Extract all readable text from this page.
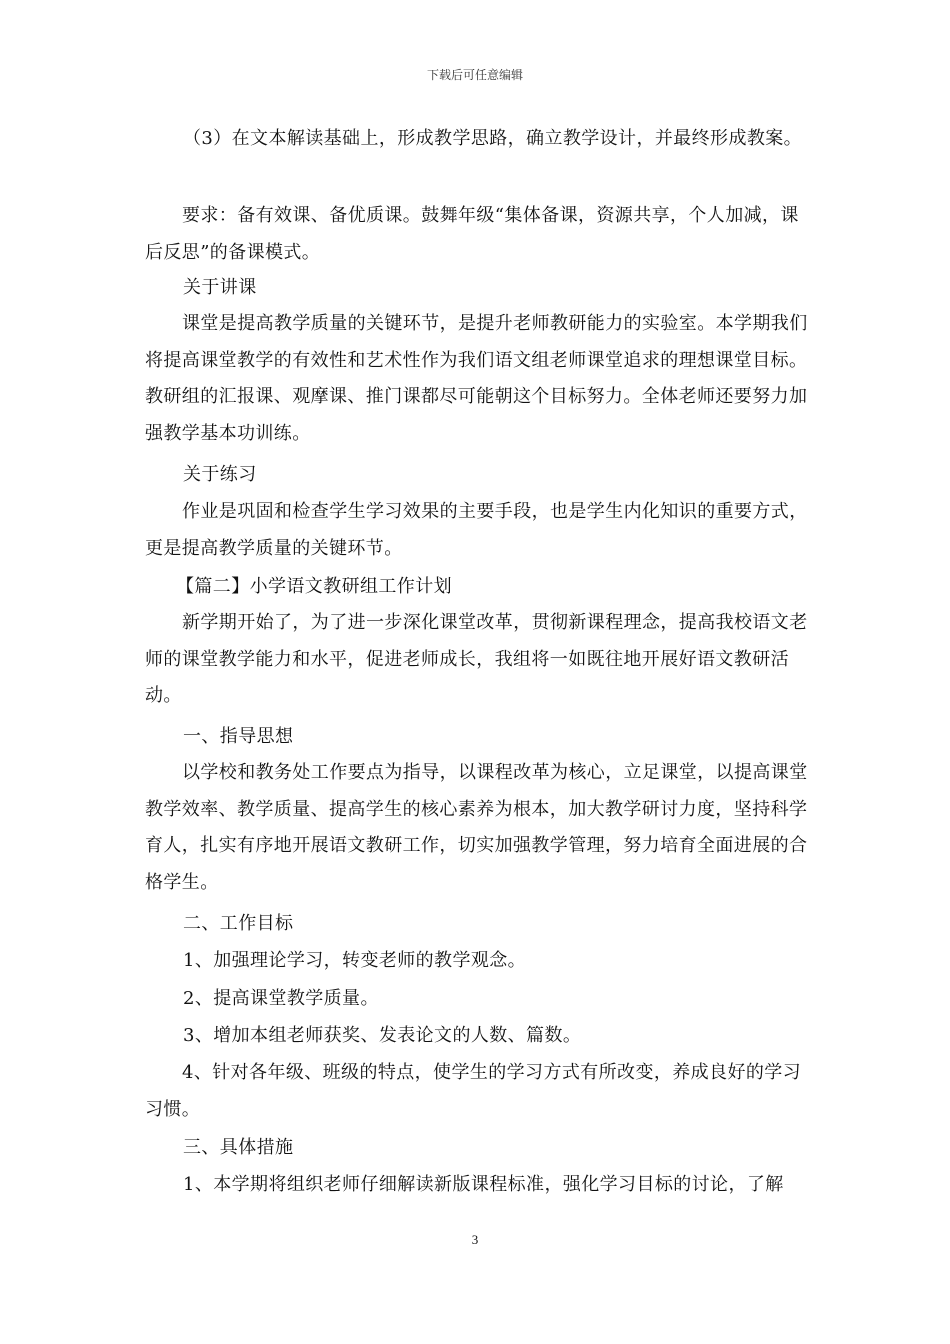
下载后可任意编辑
（3）在文本解读基础上，形成教学思路，确立教学设计，并最终形成教案。

要求：备有效课、备优质课。鼓舞年级“集体备课，资源共享，个人加减，课后反思”的备课模式。

关于讲课

课堂是提高教学质量的关键环节，是提升老师教研能力的实验室。本学期我们将提高课堂教学的有效性和艺术性作为我们语文组老师课堂追求的理想课堂目标。教研组的汇报课、观摩课、推门课都尽可能朝这个目标努力。全体老师还要努力加强教学基本功训练。

关于练习

作业是巩固和检查学生学习效果的主要手段，也是学生内化知识的重要方式，更是提高教学质量的关键环节。

【篇二】小学语文教研组工作计划

新学期开始了，为了进一步深化课堂改革，贯彻新课程理念，提高我校语文老师的课堂教学能力和水平，促进老师成长，我组将一如既往地开展好语文教研活动。

一、指导思想

以学校和教务处工作要点为指导，以课程改革为核心，立足课堂，以提高课堂教学效率、教学质量、提高学生的核心素养为根本，加大教学研讨力度，坚持科学育人，扎实有序地开展语文教研工作，切实加强教学管理，努力培育全面进展的合格学生。

二、工作目标
1、加强理论学习，转变老师的教学观念。
2、提高课堂教学质量。
3、增加本组老师获奖、发表论文的人数、篇数。

4、针对各年级、班级的特点，使学生的学习方式有所改变，养成良好的学习习惯。

三、具体措施
1、本学期将组织老师仔细解读新版课程标准，强化学习目标的讨论，了解
3
